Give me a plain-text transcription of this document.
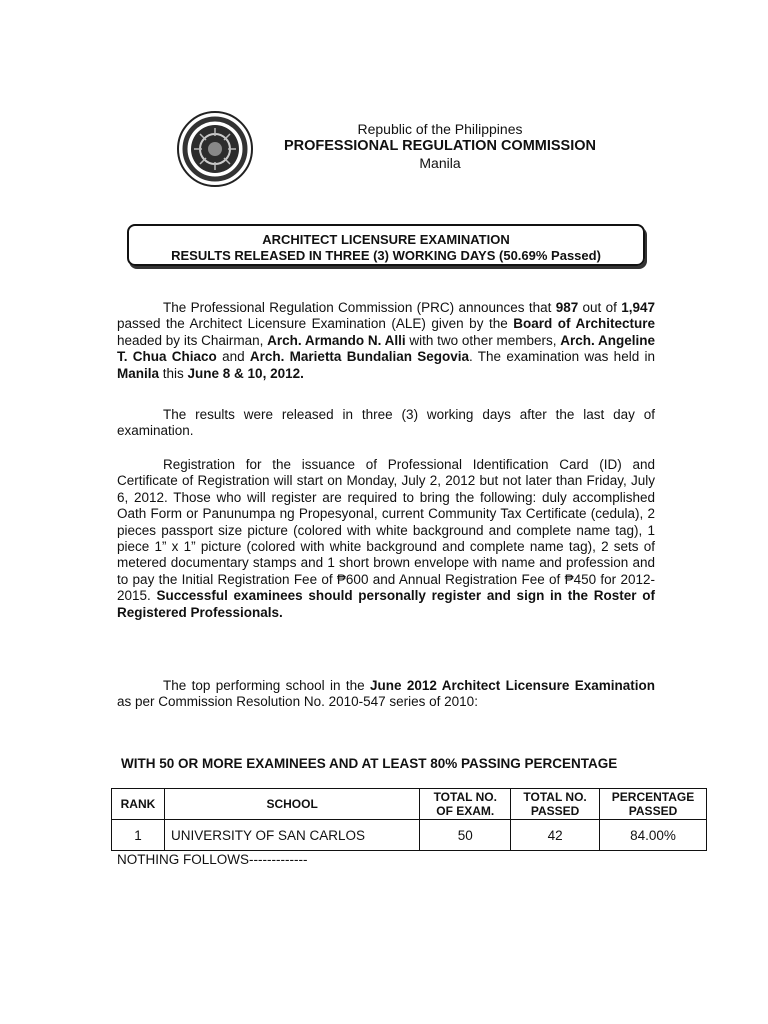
Republic of the Philippines
PROFESSIONAL REGULATION COMMISSION
Manila
ARCHITECT LICENSURE EXAMINATION
RESULTS RELEASED IN THREE (3) WORKING DAYS (50.69% Passed)

The Professional Regulation Commission (PRC) announces that 987 out of 1,947 passed the Architect Licensure Examination (ALE) given by the Board of Architecture headed by its Chairman, Arch. Armando N. Alli with two other members, Arch. Angeline T. Chua Chiaco and Arch. Marietta Bundalian Segovia. The examination was held in Manila this June 8 & 10, 2012.

The results were released in three (3) working days after the last day of examination.

Registration for the issuance of Professional Identification Card (ID) and Certificate of Registration will start on Monday, July 2, 2012 but not later than Friday, July 6, 2012. Those who will register are required to bring the following: duly accomplished Oath Form or Panunumpa ng Propesyonal, current Community Tax Certificate (cedula), 2 pieces passport size picture (colored with white background and complete name tag), 1 piece 1” x 1” picture (colored with white background and complete name tag), 2 sets of metered documentary stamps and 1 short brown envelope with name and profession and to pay the Initial Registration Fee of ₱600 and Annual Registration Fee of ₱450 for 2012-2015. Successful examinees should personally register and sign in the Roster of Registered Professionals.

The top performing school in the June 2012 Architect Licensure Examination as per Commission Resolution No. 2010-547 series of 2010:

WITH 50 OR MORE EXAMINEES AND AT LEAST 80% PASSING PERCENTAGE
RANK	SCHOOL	TOTAL NO. OF EXAM.	TOTAL NO. PASSED	PERCENTAGE PASSED
1	UNIVERSITY OF SAN CARLOS	50	42	84.00%
NOTHING FOLLOWS-------------
